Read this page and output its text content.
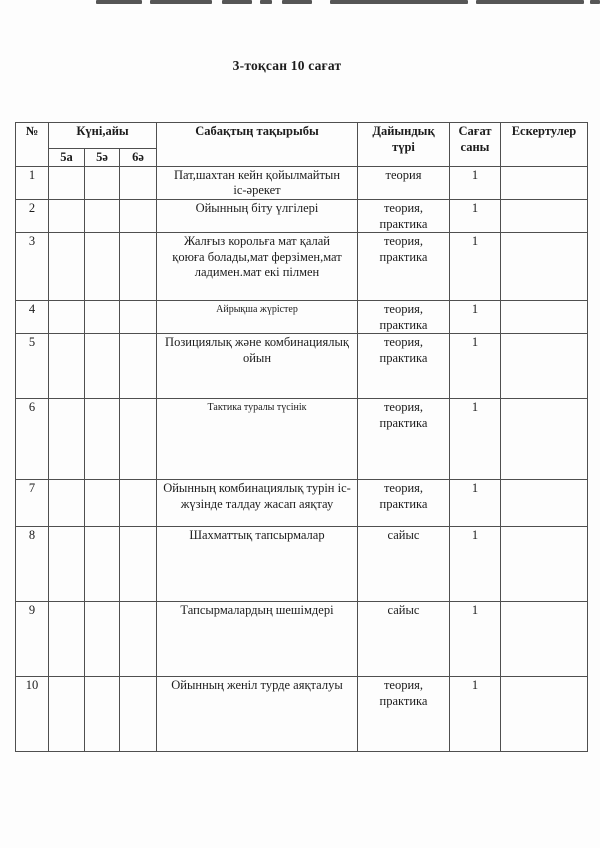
3-тоқсан 10 сағат
№	Күні,айы			Сабақтың тақырыбы	Дайындық түрі	Сағат саны	Ескертулер
	5а	5ә	6ә				
1				Пат,шахтан кейн қойылмайтын іс-әрекет	теория	1	
2				Ойынның біту үлгілері	теория, практика	1	
3				Жалғыз корольға мат қалай қоюға болады,мат ферзімен,мат ладимен.мат екі пілмен	теория, практика	1	
4				Айрықша жүрістер	теория, практика	1	
5				Позициялық және комбинациялық ойын	теория, практика	1	
6				Тактика туралы түсінік	теория, практика	1	
7				Ойынның комбинациялық турін іс-жүзінде талдау жасап аяқтау	теория, практика	1	
8				Шахматтық тапсырмалар	сайыс	1	
9				Тапсырмалардың шешімдері	сайыс	1	
10				Ойынның женіл турде аяқталуы	теория, практика	1	
